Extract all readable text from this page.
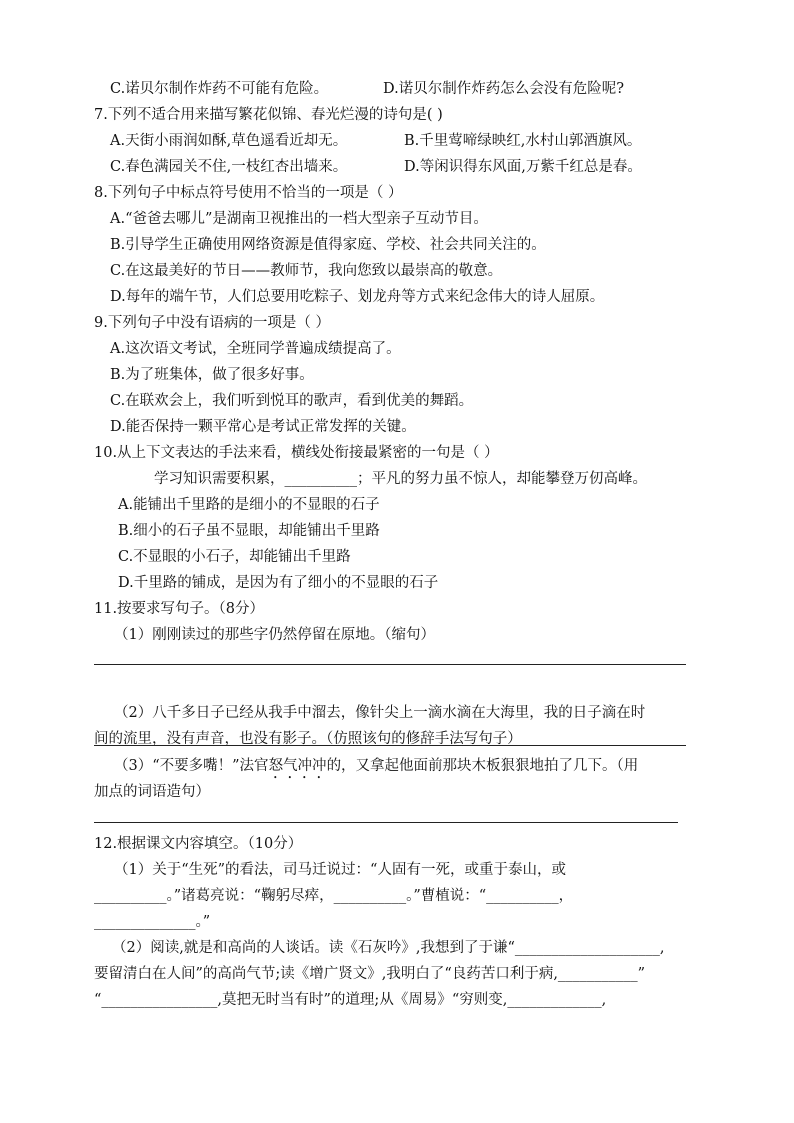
C.诺贝尔制作炸药不可能有危险。	D.诺贝尔制作炸药怎么会没有危险呢?
7.下列不适合用来描写繁花似锦、春光烂漫的诗句是( )
A.天街小雨润如酥,草色遥看近却无。	B.千里莺啼绿映红,水村山郭酒旗风。
C.春色满园关不住,一枝红杏出墙来。	D.等闲识得东风面,万紫千红总是春。
8.下列句子中标点符号使用不恰当的一项是（ ）
A.“爸爸去哪儿”是湖南卫视推出的一档大型亲子互动节目。
B.引导学生正确使用网络资源是值得家庭、学校、社会共同关注的。
C.在这最美好的节日——教师节，我向您致以最崇高的敬意。
D.每年的端午节，人们总要用吃粽子、划龙舟等方式来纪念伟大的诗人屈原。
9.下列句子中没有语病的一项是（ ）
A.这次语文考试，全班同学普遍成绩提高了。
B.为了班集体，做了很多好事。
C.在联欢会上，我们听到悦耳的歌声，看到优美的舞蹈。
D.能否保持一颗平常心是考试正常发挥的关键。
10.从上下文表达的手法来看，横线处衔接最紧密的一句是（ ）
学习知识需要积累，__________；平凡的努力虽不惊人，却能攀登万仞高峰。
A.能铺出千里路的是细小的不显眼的石子
B.细小的石子虽不显眼，却能铺出千里路
C.不显眼的小石子，却能铺出千里路
D.千里路的铺成，是因为有了细小的不显眼的石子
11.按要求写句子。（8分）
（1）刚刚读过的那些字仍然停留在原地。（缩句）
（2）八千多日子已经从我手中溜去，像针尖上一滴水滴在大海里，我的日子滴在时
间的流里，没有声音，也没有影子。（仿照该句的修辞手法写句子）
（3）“不要多嘴！”法官怒气冲冲的，又拿起他面前那块木板狠狠地拍了几下。（用
加点的词语造句）
12.根据课文内容填空。（10分）
（1）关于“生死”的看法，司马迁说过：“人固有一死，或重于泰山，或
__________。”诸葛亮说：“鞠躬尽瘁，__________。”曹植说：“__________，
______________。”
（2）阅读,就是和高尚的人谈话。读《石灰吟》,我想到了于谦“____________________,
要留清白在人间”的高尚气节;读《增广贤文》,我明白了“良药苦口利于病,___________”
“________________,莫把无时当有时”的道理;从《周易》“穷则变,_____________,
